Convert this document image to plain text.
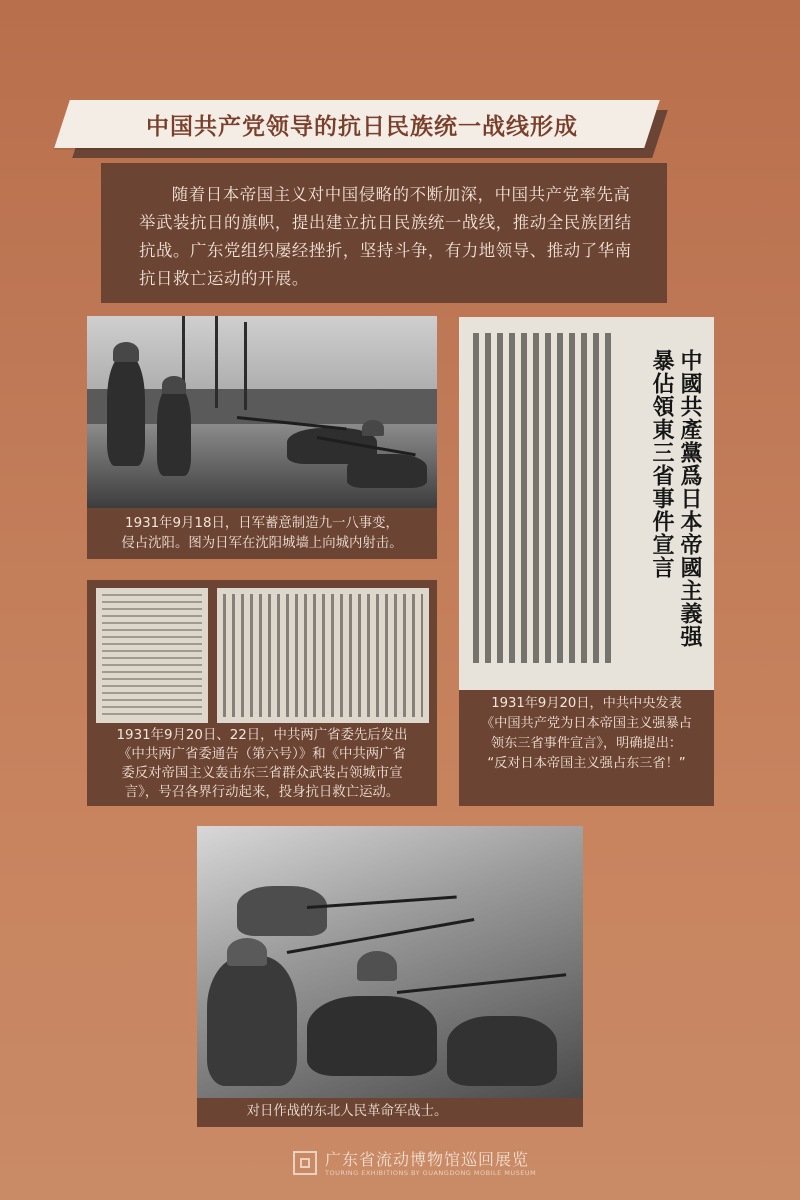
中国共产党领导的抗日民族统一战线形成

随着日本帝国主义对中国侵略的不断加深，中国共产党率先高举武装抗日的旗帜，提出建立抗日民族统一战线，推动全民族团结抗战。广东党组织屡经挫折，坚持斗争，有力地领导、推动了华南抗日救亡运动的开展。

1931年9月18日，日军蓄意制造九一八事变，
侵占沈阳。图为日军在沈阳城墙上向城内射击。
1931年9月20日、22日，中共两广省委先后发出
《中共两广省委通告（第六号）》和《中共两广省
委反对帝国主义轰击东三省群众武装占领城市宣
言》，号召各界行动起来，投身抗日救亡运动。
中國共產黨爲日本帝國主義强暴佔領東三省事件宣言
1931年9月20日，中共中央发表
《中国共产党为日本帝国主义强暴占
领东三省事件宣言》，明确提出：
“反对日本帝国主义强占东三省！”
对日作战的东北人民革命军战士。
广东省流动博物馆巡回展览
TOURING EXHIBITIONS BY GUANGDONG MOBILE MUSEUM
